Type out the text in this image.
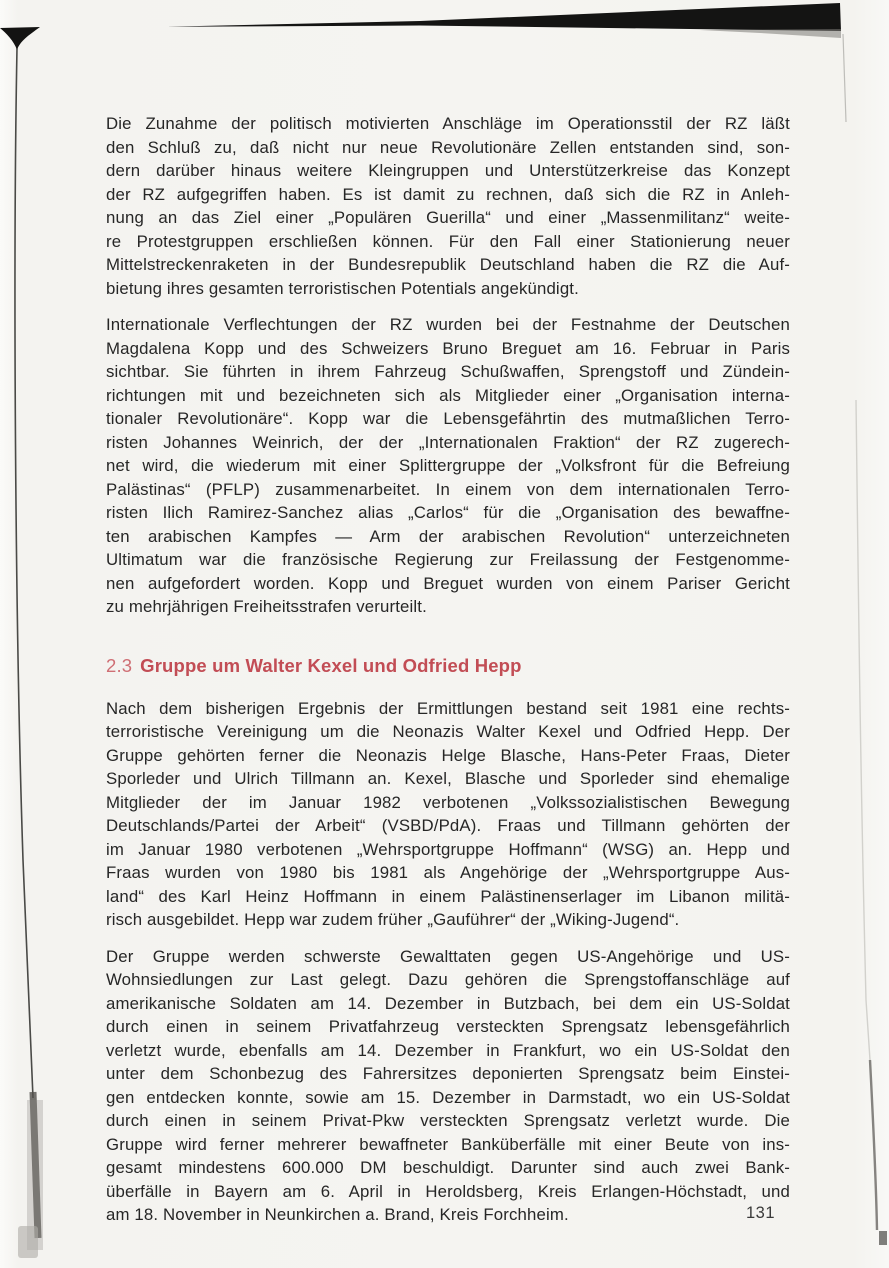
Die Zunahme der politisch motivierten Anschläge im Operationsstil der RZ läßt
den Schluß zu, daß nicht nur neue Revolutionäre Zellen entstanden sind, son-
dern darüber hinaus weitere Kleingruppen und Unterstützerkreise das Konzept
der RZ aufgegriffen haben. Es ist damit zu rechnen, daß sich die RZ in Anleh-
nung an das Ziel einer „Populären Guerilla“ und einer „Massenmilitanz“ weite-
re Protestgruppen erschließen können. Für den Fall einer Stationierung neuer
Mittelstreckenraketen in der Bundesrepublik Deutschland haben die RZ die Auf-
bietung ihres gesamten terroristischen Potentials angekündigt.
Internationale Verflechtungen der RZ wurden bei der Festnahme der Deutschen
Magdalena Kopp und des Schweizers Bruno Breguet am 16. Februar in Paris
sichtbar. Sie führten in ihrem Fahrzeug Schußwaffen, Sprengstoff und Zündein-
richtungen mit und bezeichneten sich als Mitglieder einer „Organisation interna-
tionaler Revolutionäre“. Kopp war die Lebensgefährtin des mutmaßlichen Terro-
risten Johannes Weinrich, der der „Internationalen Fraktion“ der RZ zugerech-
net wird, die wiederum mit einer Splittergruppe der „Volksfront für die Befreiung
Palästinas“ (PFLP) zusammenarbeitet. In einem von dem internationalen Terro-
risten Ilich Ramirez-Sanchez alias „Carlos“ für die „Organisation des bewaffne-
ten arabischen Kampfes — Arm der arabischen Revolution“ unterzeichneten
Ultimatum war die französische Regierung zur Freilassung der Festgenomme-
nen aufgefordert worden. Kopp und Breguet wurden von einem Pariser Gericht
zu mehrjährigen Freiheitsstrafen verurteilt.
2.3 Gruppe um Walter Kexel und Odfried Hepp
Nach dem bisherigen Ergebnis der Ermittlungen bestand seit 1981 eine rechts-
terroristische Vereinigung um die Neonazis Walter Kexel und Odfried Hepp. Der
Gruppe gehörten ferner die Neonazis Helge Blasche, Hans-Peter Fraas, Dieter
Sporleder und Ulrich Tillmann an. Kexel, Blasche und Sporleder sind ehemalige
Mitglieder der im Januar 1982 verbotenen „Volkssozialistischen Bewegung
Deutschlands/Partei der Arbeit“ (VSBD/PdA). Fraas und Tillmann gehörten der
im Januar 1980 verbotenen „Wehrsportgruppe Hoffmann“ (WSG) an. Hepp und
Fraas wurden von 1980 bis 1981 als Angehörige der „Wehrsportgruppe Aus-
land“ des Karl Heinz Hoffmann in einem Palästinenserlager im Libanon militä-
risch ausgebildet. Hepp war zudem früher „Gauführer“ der „Wiking-Jugend“.
Der Gruppe werden schwerste Gewalttaten gegen US-Angehörige und US-
Wohnsiedlungen zur Last gelegt. Dazu gehören die Sprengstoffanschläge auf
amerikanische Soldaten am 14. Dezember in Butzbach, bei dem ein US-Soldat
durch einen in seinem Privatfahrzeug versteckten Sprengsatz lebensgefährlich
verletzt wurde, ebenfalls am 14. Dezember in Frankfurt, wo ein US-Soldat den
unter dem Schonbezug des Fahrersitzes deponierten Sprengsatz beim Einstei-
gen entdecken konnte, sowie am 15. Dezember in Darmstadt, wo ein US-Soldat
durch einen in seinem Privat-Pkw versteckten Sprengsatz verletzt wurde. Die
Gruppe wird ferner mehrerer bewaffneter Banküberfälle mit einer Beute von ins-
gesamt mindestens 600.000 DM beschuldigt. Darunter sind auch zwei Bank-
überfälle in Bayern am 6. April in Heroldsberg, Kreis Erlangen-Höchstadt, und
am 18. November in Neunkirchen a. Brand, Kreis Forchheim.	131
